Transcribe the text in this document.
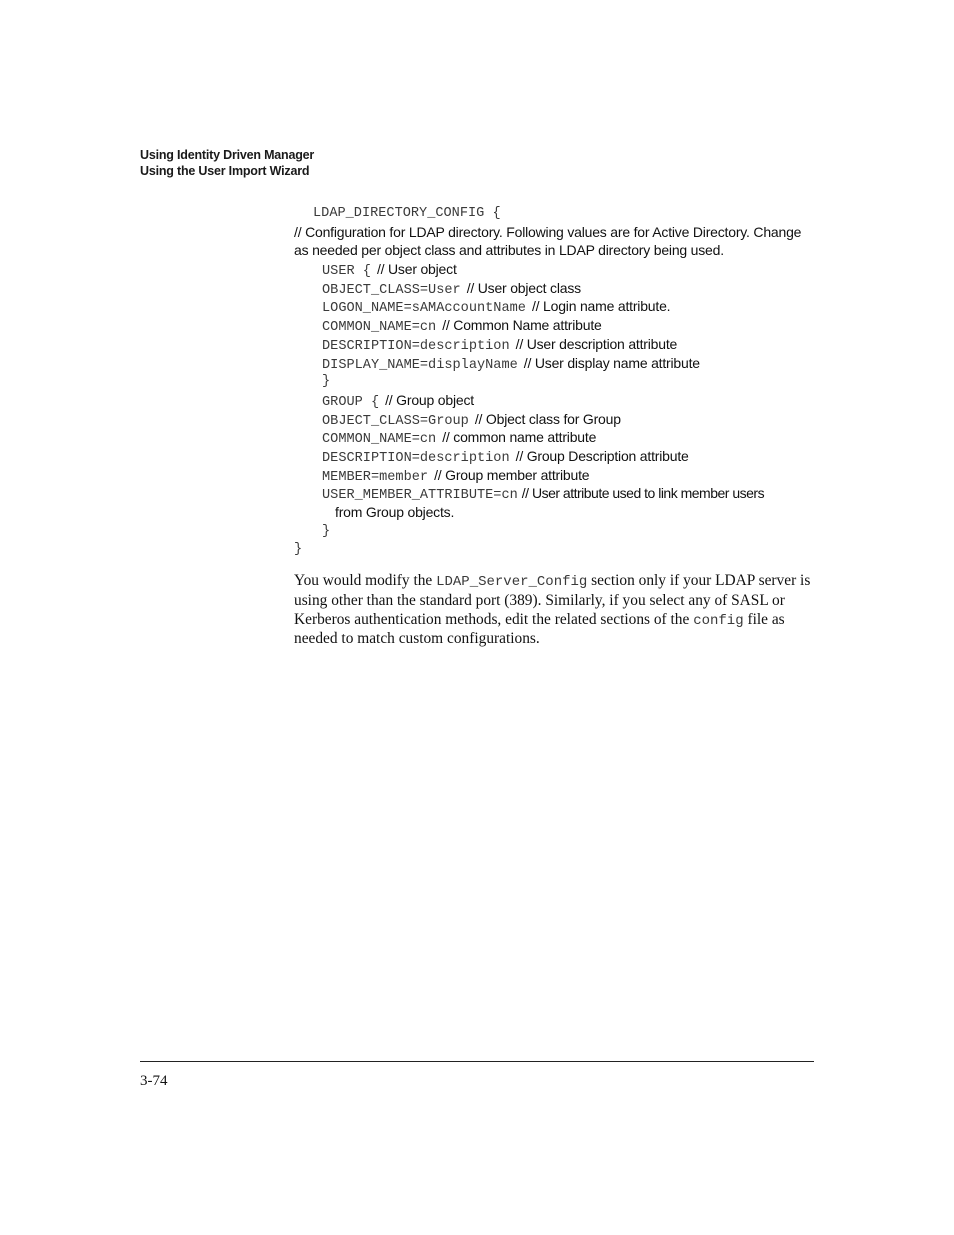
Using Identity Driven Manager
Using the User Import Wizard
LDAP_DIRECTORY_CONFIG {
// Configuration for LDAP directory. Following values are for Active Directory. Change
as needed per object class and attributes in LDAP directory being used.
USER { // User object
OBJECT_CLASS=User // User object class
LOGON_NAME=sAMAccountName // Login name attribute.
COMMON_NAME=cn // Common Name attribute
DESCRIPTION=description // User description attribute
DISPLAY_NAME=displayName // User display name attribute
}
GROUP { // Group object
OBJECT_CLASS=Group // Object class for Group
COMMON_NAME=cn // common name attribute
DESCRIPTION=description // Group Description attribute
MEMBER=member // Group member attribute
USER_MEMBER_ATTRIBUTE=cn // User attribute used to link member users
from Group objects.
}
}

You would modify the LDAP_Server_Config section only if your LDAP server is using other than the standard port (389). Similarly, if you select any of SASL or Kerberos authentication methods, edit the related sections of the config file as needed to match custom configurations.

3-74
